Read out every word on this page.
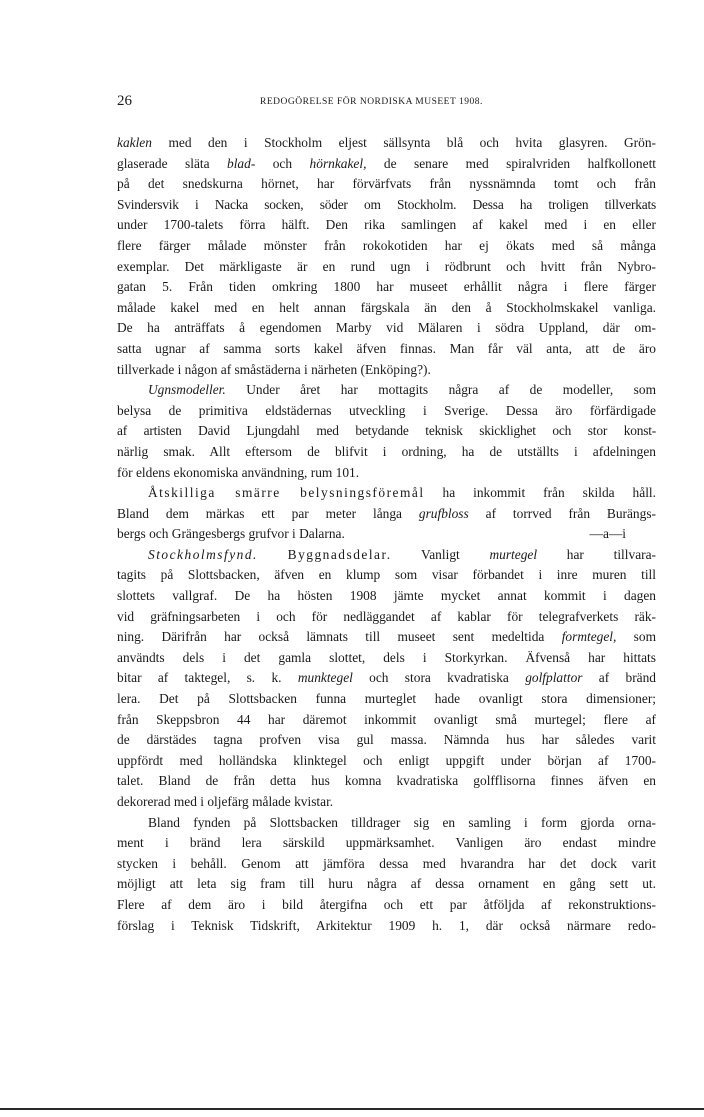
26	REDOGÖRELSE FÖR NORDISKA MUSEET 1908.
kaklen med den i Stockholm eljest sällsynta blå och hvita glasyren. Grön-
glaserade släta blad- och hörnkakel, de senare med spiralvriden halfkollonett
på det snedskurna hörnet, har förvärfvats från nyssnämnda tomt och från
Svindersvik i Nacka socken, söder om Stockholm. Dessa ha troligen tillverkats
under 1700-talets förra hälft. Den rika samlingen af kakel med i en eller
flere färger målade mönster från rokokotiden har ej ökats med så många
exemplar. Det märkligaste är en rund ugn i rödbrunt och hvitt från Nybro-
gatan 5. Från tiden omkring 1800 har museet erhållit några i flere färger
målade kakel med en helt annan färgskala än den å Stockholmskakel vanliga.
De ha anträffats å egendomen Marby vid Mälaren i södra Uppland, där om-
satta ugnar af samma sorts kakel äfven finnas. Man får väl anta, att de äro
tillverkade i någon af småstäderna i närheten (Enköping?).
Ugnsmodeller. Under året har mottagits några af de modeller, som
belysa de primitiva eldstädernas utveckling i Sverige. Dessa äro förfärdigade
af artisten David Ljungdahl med betydande teknisk skicklighet och stor konst-
närlig smak. Allt eftersom de blifvit i ordning, ha de utställts i afdelningen
för eldens ekonomiska användning, rum 101.
Åtskilliga smärre belysningsföremål ha inkommit från skilda håll.
Bland dem märkas ett par meter långa grufbloss af torrved från Burängs-
bergs och Grängesbergs grufvor i Dalarna.	—a—i
Stockholmsfynd. Byggnadsdelar. Vanligt murtegel har tillvara-
tagits på Slottsbacken, äfven en klump som visar förbandet i inre muren till
slottets vallgraf. De ha hösten 1908 jämte mycket annat kommit i dagen
vid gräfningsarbeten i och för nedläggandet af kablar för telegrafverkets räk-
ning. Därifrån har också lämnats till museet sent medeltida formtegel, som
användts dels i det gamla slottet, dels i Storkyrkan. Äfvenså har hittats
bitar af taktegel, s. k. munktegel och stora kvadratiska golfplattor af bränd
lera. Det på Slottsbacken funna murteglet hade ovanligt stora dimensioner;
från Skeppsbron 44 har däremot inkommit ovanligt små murtegel; flere af
de därstädes tagna profven visa gul massa. Nämnda hus har således varit
uppfördt med holländska klinktegel och enligt uppgift under början af 1700-
talet. Bland de från detta hus komna kvadratiska golfflisorna finnes äfven en
dekorerad med i oljefärg målade kvistar.
Bland fynden på Slottsbacken tilldrager sig en samling i form gjorda orna-
ment i bränd lera särskild uppmärksamhet. Vanligen äro endast mindre
stycken i behåll. Genom att jämföra dessa med hvarandra har det dock varit
möjligt att leta sig fram till huru några af dessa ornament en gång sett ut.
Flere af dem äro i bild återgifna och ett par åtföljda af rekonstruktions-
förslag i Teknisk Tidskrift, Arkitektur 1909 h. 1, där också närmare redo-
